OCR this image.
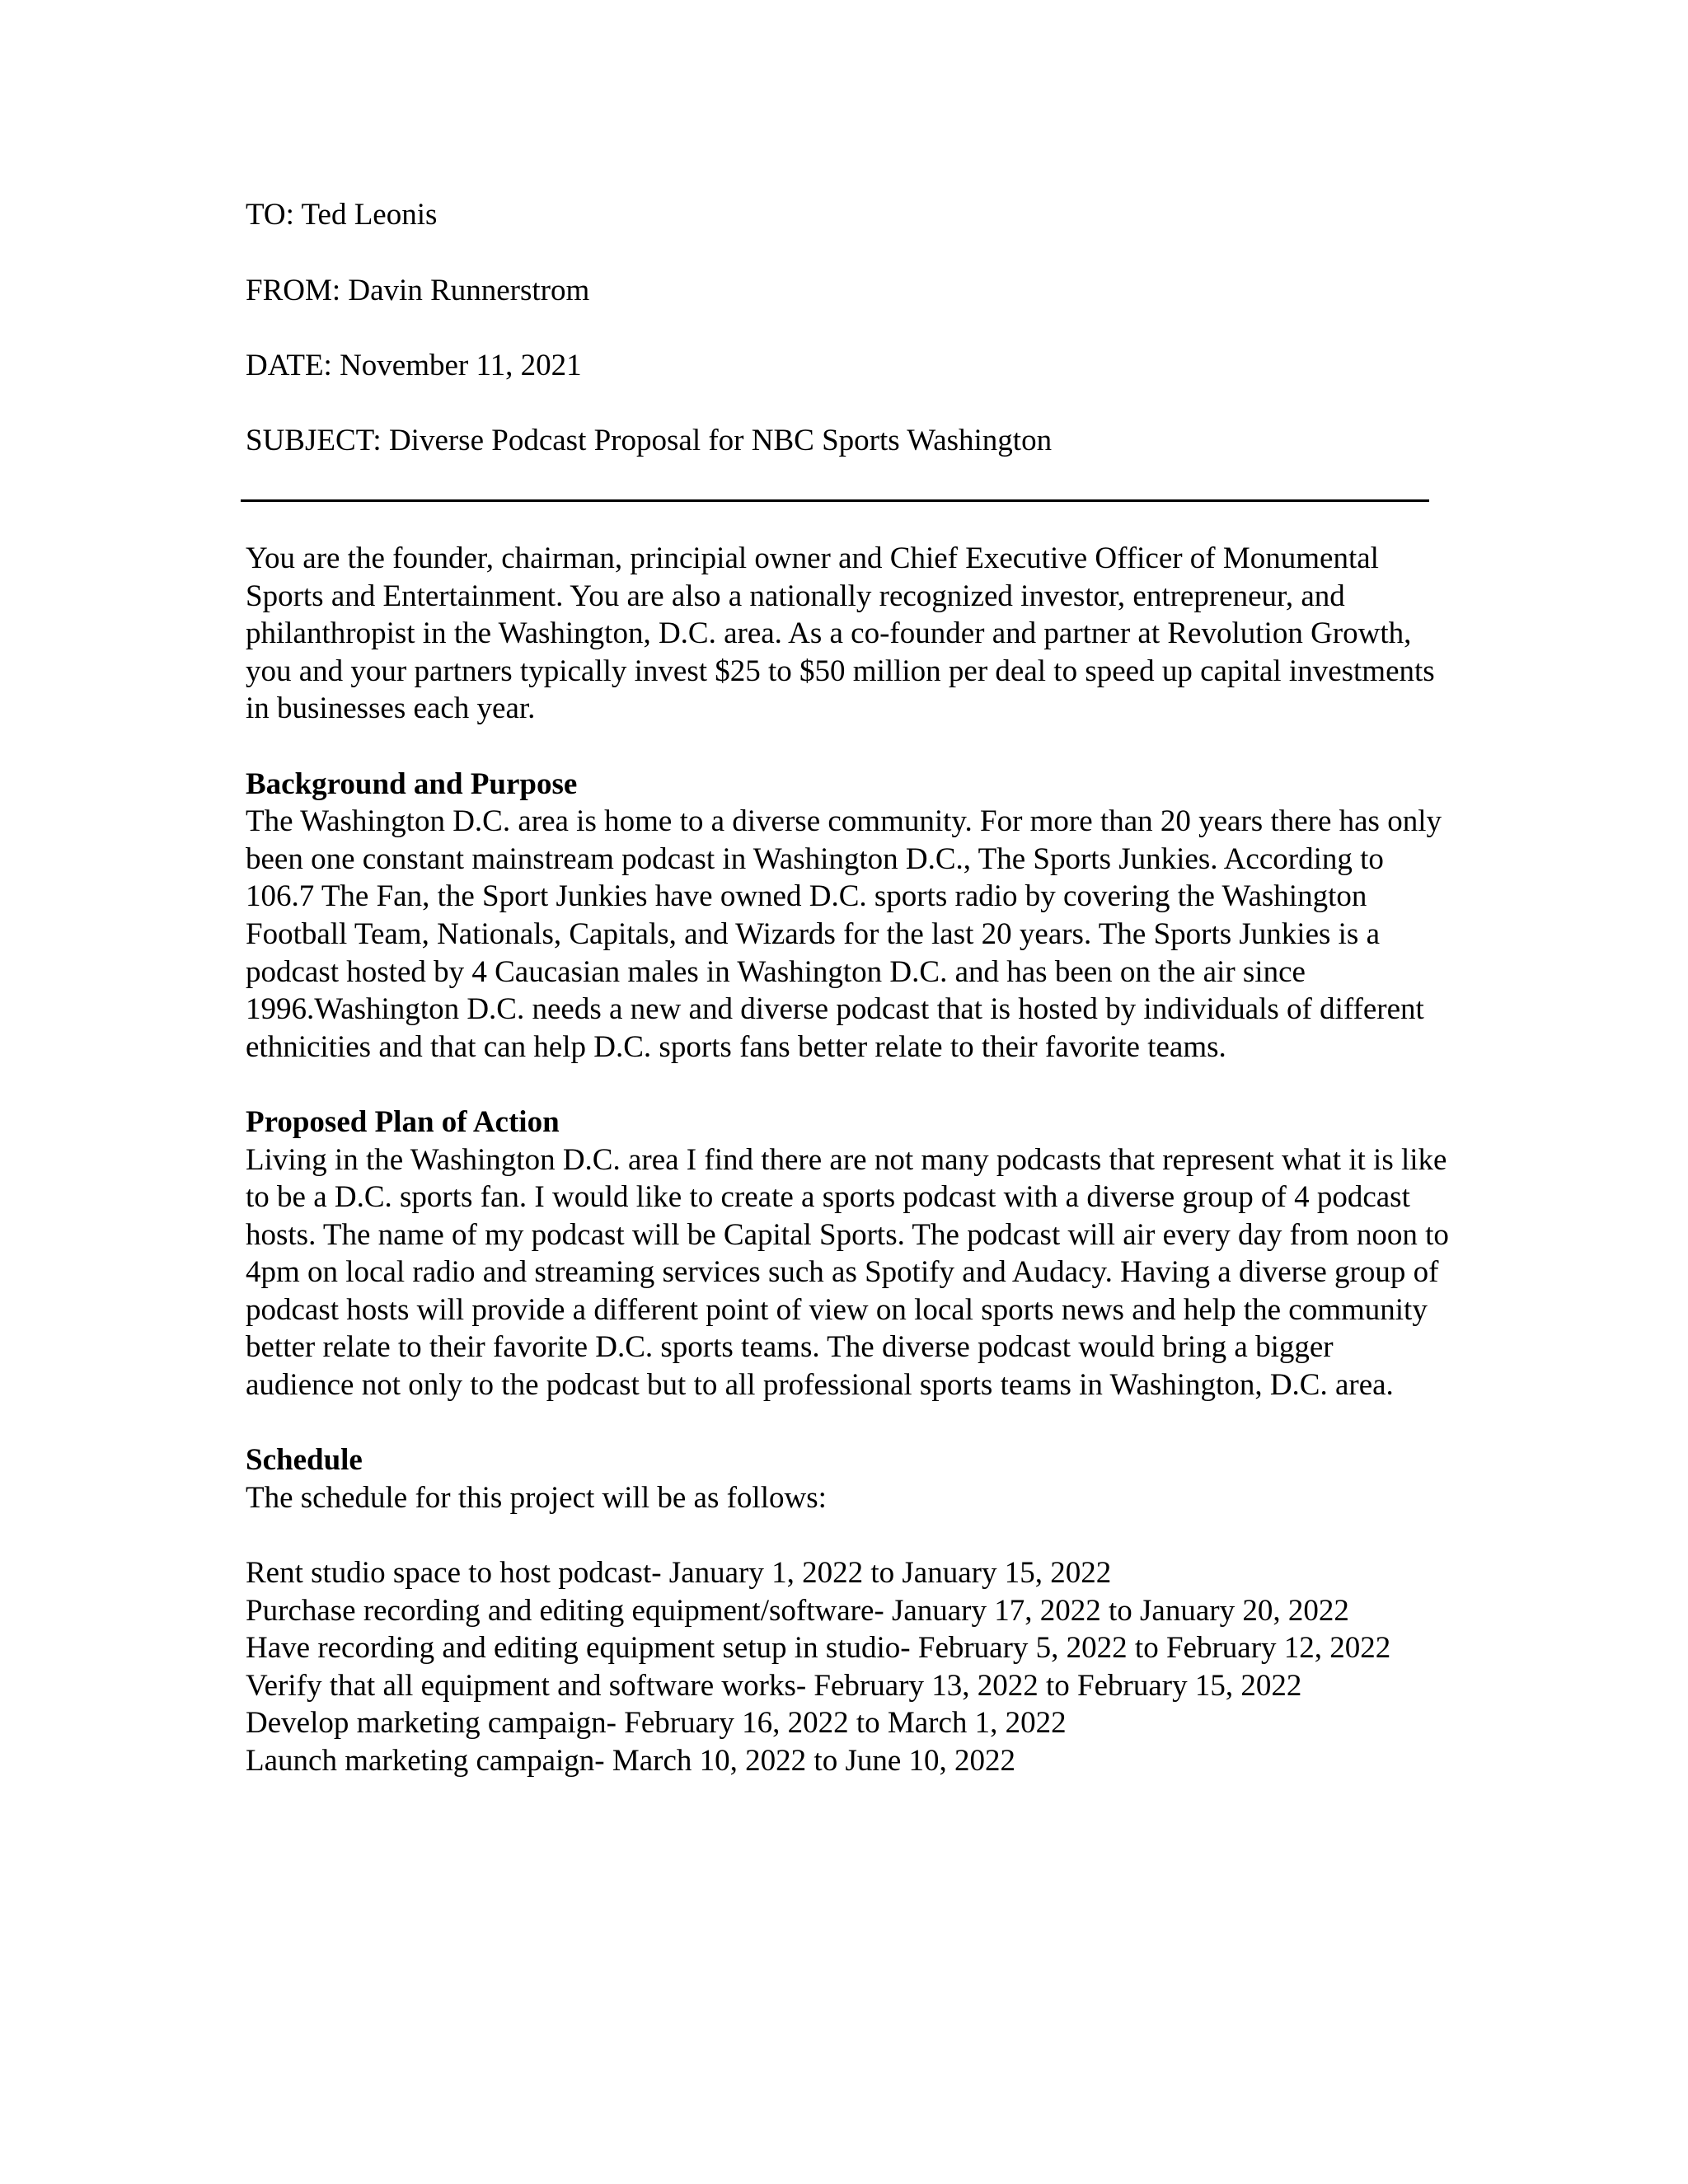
TO: Ted Leonis

FROM: Davin Runnerstrom

DATE: November 11, 2021

SUBJECT: Diverse Podcast Proposal for NBC Sports Washington

You are the founder, chairman, principial owner and Chief Executive Officer of Monumental Sports and Entertainment. You are also a nationally recognized investor, entrepreneur, and philanthropist in the Washington, D.C. area. As a co-founder and partner at Revolution Growth, you and your partners typically invest $25 to $50 million per deal to speed up capital investments in businesses each year.

Background and Purpose

The Washington D.C. area is home to a diverse community. For more than 20 years there has only been one constant mainstream podcast in Washington D.C., The Sports Junkies. According to 106.7 The Fan, the Sport Junkies have owned D.C. sports radio by covering the Washington Football Team, Nationals, Capitals, and Wizards for the last 20 years. The Sports Junkies is a podcast hosted by 4 Caucasian males in Washington D.C. and has been on the air since 1996.Washington D.C. needs a new and diverse podcast that is hosted by individuals of different ethnicities and that can help D.C. sports fans better relate to their favorite teams.

Proposed Plan of Action

Living in the Washington D.C. area I find there are not many podcasts that represent what it is like to be a D.C. sports fan. I would like to create a sports podcast with a diverse group of 4 podcast hosts. The name of my podcast will be Capital Sports. The podcast will air every day from noon to 4pm on local radio and streaming services such as Spotify and Audacy. Having a diverse group of podcast hosts will provide a different point of view on local sports news and help the community better relate to their favorite D.C. sports teams. The diverse podcast would bring a bigger audience not only to the podcast but to all professional sports teams in Washington, D.C. area.

Schedule

The schedule for this project will be as follows:

Rent studio space to host podcast- January 1, 2022 to January 15, 2022
Purchase recording and editing equipment/software- January 17, 2022 to January 20, 2022
Have recording and editing equipment setup in studio- February 5, 2022 to February 12, 2022
Verify that all equipment and software works- February 13, 2022 to February 15, 2022
Develop marketing campaign- February 16, 2022 to March 1, 2022
Launch marketing campaign- March 10, 2022 to June 10, 2022
